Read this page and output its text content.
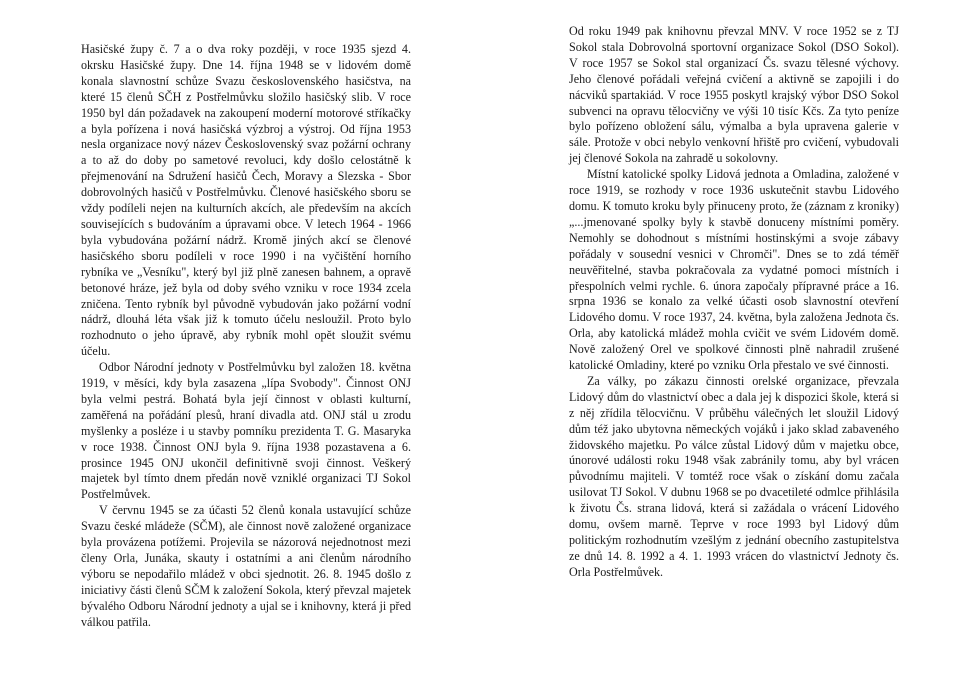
Hasičské župy č. 7 a o dva roky později, v roce 1935 sjezd 4. okrsku Hasičské župy. Dne 14. října 1948 se v lidovém domě konala slavnostní schůze Svazu československého hasičstva, na které 15 členů SČH z Postřelmůvku složilo hasičský slib. V roce 1950 byl dán požadavek na zakoupení moderní motorové stříkačky a byla pořízena i nová hasičská výzbroj a výstroj. Od října 1953 nesla organizace nový název Československý svaz požární ochrany a to až do doby po sametové revoluci, kdy došlo celostátně k přejmenování na Sdružení hasičů Čech, Moravy a Slezska - Sbor dobrovolných hasičů v Postřelmůvku. Členové hasičského sboru se vždy podíleli nejen na kulturních akcích, ale především na akcích souvisejících s budováním a úpravami obce. V letech 1964 - 1966 byla vybudována požární nádrž. Kromě jiných akcí se členové hasičského sboru podíleli v roce 1990 i na vyčištění horního rybníka ve „Vesníku", který byl již plně zanesen bahnem, a opravě betonové hráze, jež byla od doby svého vzniku v roce 1934 zcela zničena. Tento rybník byl původně vybudován jako požární vodní nádrž, dlouhá léta však již k tomuto účelu nesloužil. Proto bylo rozhodnuto o jeho úpravě, aby rybník mohl opět sloužit svému účelu.

Odbor Národní jednoty v Postřelmůvku byl založen 18. května 1919, v měsíci, kdy byla zasazena „lípa Svobody". Činnost ONJ byla velmi pestrá. Bohatá byla její činnost v oblasti kulturní, zaměřená na pořádání plesů, hraní divadla atd. ONJ stál u zrodu myšlenky a posléze i u stavby pomníku prezidenta T. G. Masaryka v roce 1938. Činnost ONJ byla 9. října 1938 pozastavena a 6. prosince 1945 ONJ ukončil definitivně svoji činnost. Veškerý majetek byl tímto dnem předán nově vzniklé organizaci TJ Sokol Postřelmůvek.

V červnu 1945 se za účasti 52 členů konala ustavující schůze Svazu české mládeže (SČM), ale činnost nově založené organizace byla provázena potížemi. Projevila se názorová nejednotnost mezi členy Orla, Junáka, skauty i ostatními a ani členům národního výboru se nepodařilo mládež v obci sjednotit. 26. 8. 1945 došlo z iniciativy části členů SČM k založení Sokola, který převzal majetek bývalého Odboru Národní jednoty a ujal se i knihovny, která ji před válkou patřila.

Od roku 1949 pak knihovnu převzal MNV. V roce 1952 se z TJ Sokol stala Dobrovolná sportovní organizace Sokol (DSO Sokol). V roce 1957 se Sokol stal organizací Čs. svazu tělesné výchovy. Jeho členové pořádali veřejná cvičení a aktivně se zapojili i do nácviků spartakiád. V roce 1955 poskytl krajský výbor DSO Sokol subvenci na opravu tělocvičny ve výši 10 tisíc Kčs. Za tyto peníze bylo pořízeno obložení sálu, výmalba a byla upravena galerie v sále. Protože v obci nebylo venkovní hřiště pro cvičení, vybudovali jej členové Sokola na zahradě u sokolovny.

Místní katolické spolky Lidová jednota a Omladina, založené v roce 1919, se rozhody v roce 1936 uskutečnit stavbu Lidového domu. K tomuto kroku byly přinuceny proto, že (záznam z kroniky) „...jmenované spolky byly k stavbě donuceny místními poměry. Nemohly se dohodnout s místními hostinskými a svoje zábavy pořádaly v sousední vesnici v Chromči". Dnes se to zdá téměř neuvěřitelné, stavba pokračovala za vydatné pomoci místních i přespolních velmi rychle. 6. února započaly přípravné práce a 16. srpna 1936 se konalo za velké účasti osob slavnostní otevření Lidového domu. V roce 1937, 24. května, byla založena Jednota čs. Orla, aby katolická mládež mohla cvičit ve svém Lidovém domě. Nově založený Orel ve spolkové činnosti plně nahradil zrušené katolické Omladiny, které po vzniku Orla přestalo ve své činnosti.

Za války, po zákazu činnosti orelské organizace, převzala Lidový dům do vlastnictví obec a dala jej k dispozici škole, která si z něj zřídila tělocvičnu. V průběhu válečných let sloužil Lidový dům též jako ubytovna německých vojáků i jako sklad zabaveného židovského majetku. Po válce zůstal Lidový dům v majetku obce, únorové události roku 1948 však zabránily tomu, aby byl vrácen původnímu majiteli. V tomtéž roce však o získání domu začala usilovat TJ Sokol. V dubnu 1968 se po dvacetileté odmlce přihlásila k životu Čs. strana lidová, která si zažádala o vrácení Lidového domu, ovšem marně. Teprve v roce 1993 byl Lidový dům politickým rozhodnutím vzešlým z jednání obecního zastupitelstva ze dnů 14. 8. 1992 a 4. 1. 1993 vrácen do vlastnictví Jednoty čs. Orla Postřelmůvek.
